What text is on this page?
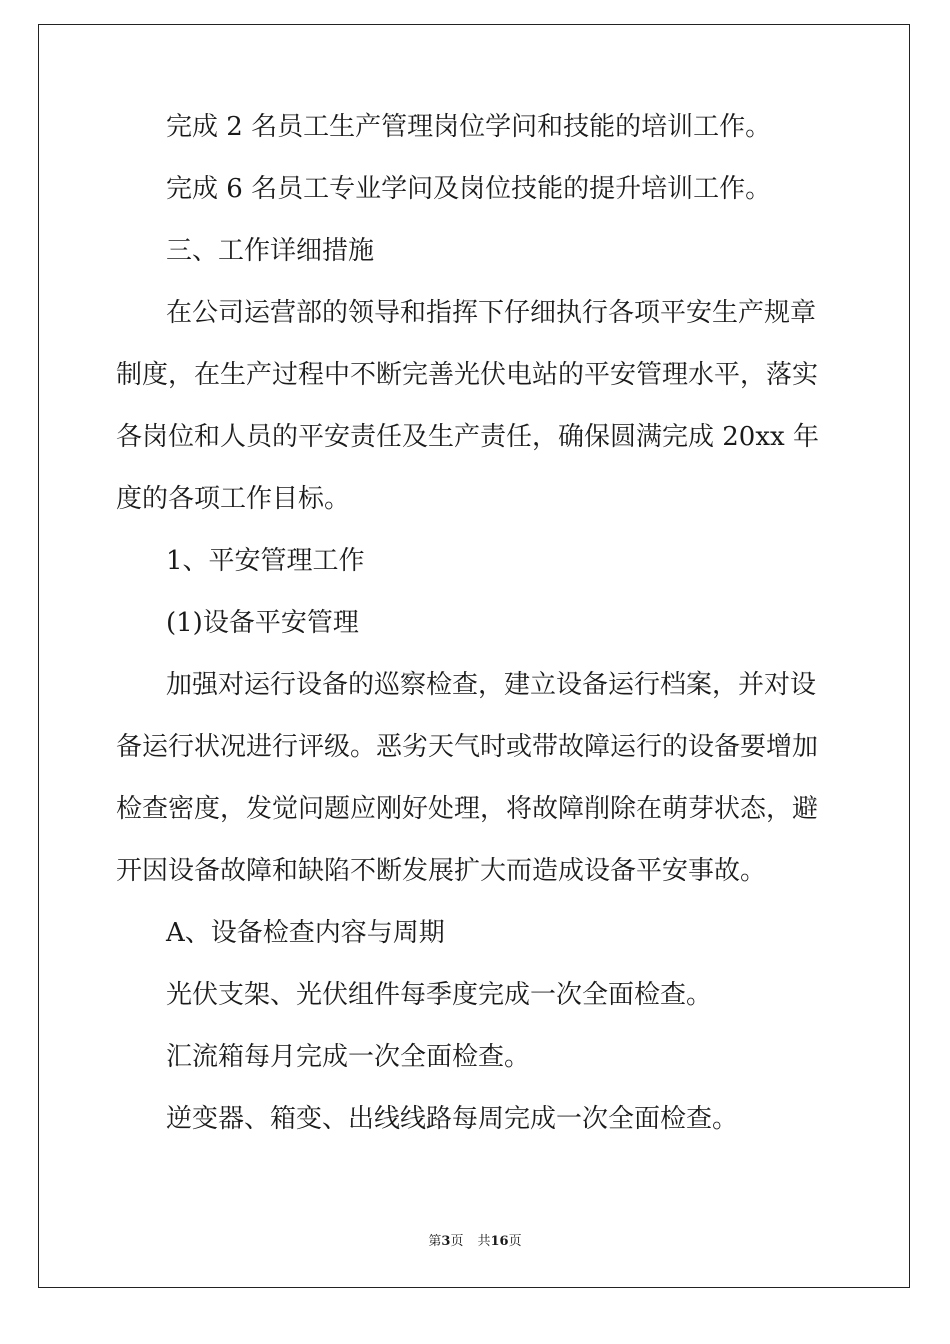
完成 2 名员工生产管理岗位学问和技能的培训工作。

完成 6 名员工专业学问及岗位技能的提升培训工作。

三、工作详细措施

在公司运营部的领导和指挥下仔细执行各项平安生产规章制度，在生产过程中不断完善光伏电站的平安管理水平，落实各岗位和人员的平安责任及生产责任，确保圆满完成 20xx 年度的各项工作目标。

1、平安管理工作

(1)设备平安管理

加强对运行设备的巡察检查，建立设备运行档案，并对设备运行状况进行评级。恶劣天气时或带故障运行的设备要增加检查密度，发觉问题应刚好处理，将故障削除在萌芽状态，避开因设备故障和缺陷不断发展扩大而造成设备平安事故。

A、设备检查内容与周期

光伏支架、光伏组件每季度完成一次全面检查。

汇流箱每月完成一次全面检查。

逆变器、箱变、出线线路每周完成一次全面检查。

第3页 共16页
